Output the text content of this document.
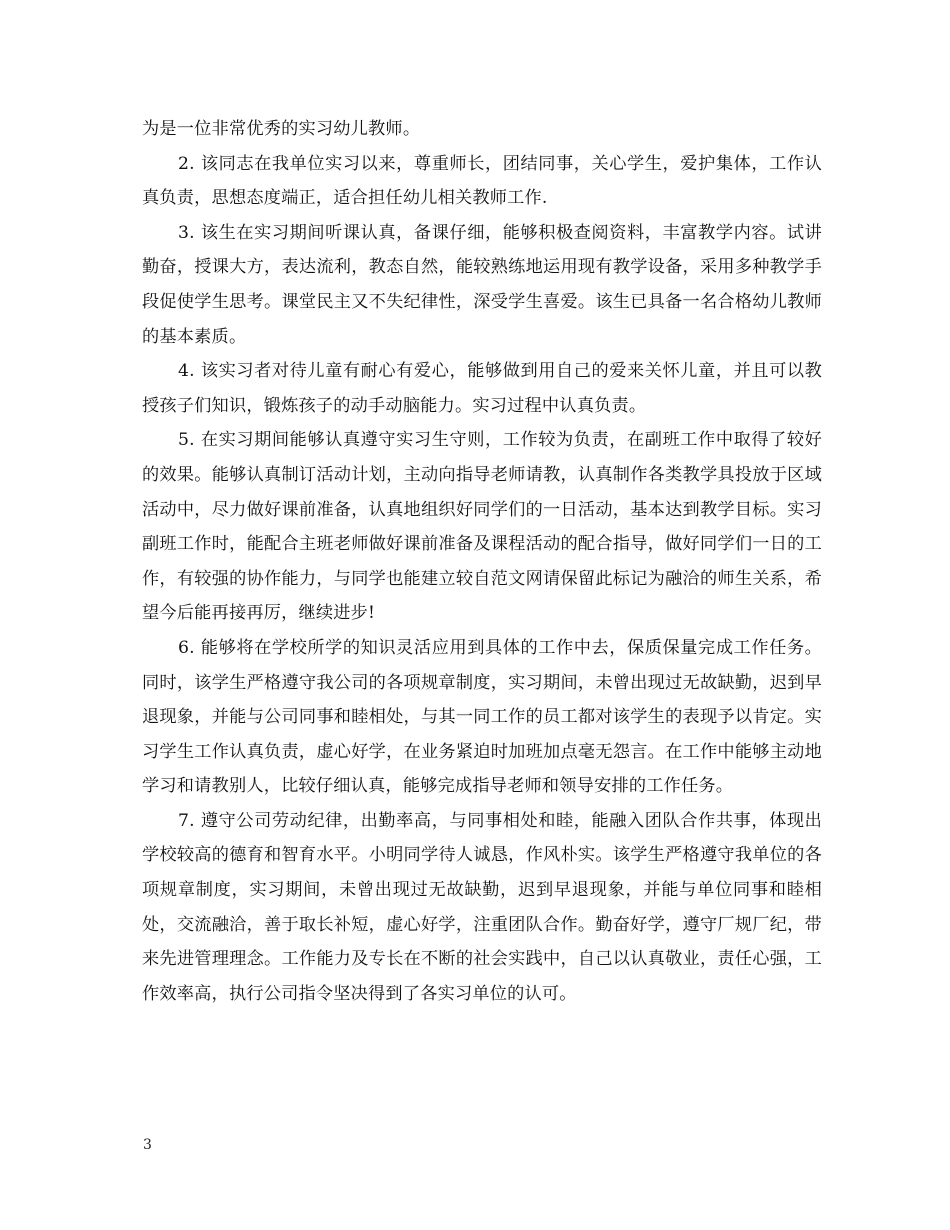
为是一位非常优秀的实习幼儿教师。

2. 该同志在我单位实习以来，尊重师长，团结同事，关心学生，爱护集体，工作认真负责，思想态度端正，适合担任幼儿相关教师工作.

3. 该生在实习期间听课认真，备课仔细，能够积极查阅资料，丰富教学内容。试讲勤奋，授课大方，表达流利，教态自然，能较熟练地运用现有教学设备，采用多种教学手段促使学生思考。课堂民主又不失纪律性，深受学生喜爱。该生已具备一名合格幼儿教师的基本素质。

4. 该实习者对待儿童有耐心有爱心，能够做到用自己的爱来关怀儿童，并且可以教授孩子们知识，锻炼孩子的动手动脑能力。实习过程中认真负责。

5. 在实习期间能够认真遵守实习生守则，工作较为负责，在副班工作中取得了较好的效果。能够认真制订活动计划，主动向指导老师请教，认真制作各类教学具投放于区域活动中，尽力做好课前准备，认真地组织好同学们的一日活动，基本达到教学目标。实习副班工作时，能配合主班老师做好课前准备及课程活动的配合指导，做好同学们一日的工作，有较强的协作能力，与同学也能建立较自范文网请保留此标记为融洽的师生关系，希望今后能再接再厉，继续进步!

6. 能够将在学校所学的知识灵活应用到具体的工作中去，保质保量完成工作任务。同时，该学生严格遵守我公司的各项规章制度，实习期间，未曾出现过无故缺勤，迟到早退现象，并能与公司同事和睦相处，与其一同工作的员工都对该学生的表现予以肯定。实习学生工作认真负责，虚心好学，在业务紧迫时加班加点毫无怨言。在工作中能够主动地学习和请教别人，比较仔细认真，能够完成指导老师和领导安排的工作任务。

7. 遵守公司劳动纪律，出勤率高，与同事相处和睦，能融入团队合作共事，体现出学校较高的德育和智育水平。小明同学待人诚恳，作风朴实。该学生严格遵守我单位的各项规章制度，实习期间，未曾出现过无故缺勤，迟到早退现象，并能与单位同事和睦相处，交流融洽，善于取长补短，虚心好学，注重团队合作。勤奋好学，遵守厂规厂纪，带来先进管理理念。工作能力及专长在不断的社会实践中，自己以认真敬业，责任心强，工作效率高，执行公司指令坚决得到了各实习单位的认可。

3
